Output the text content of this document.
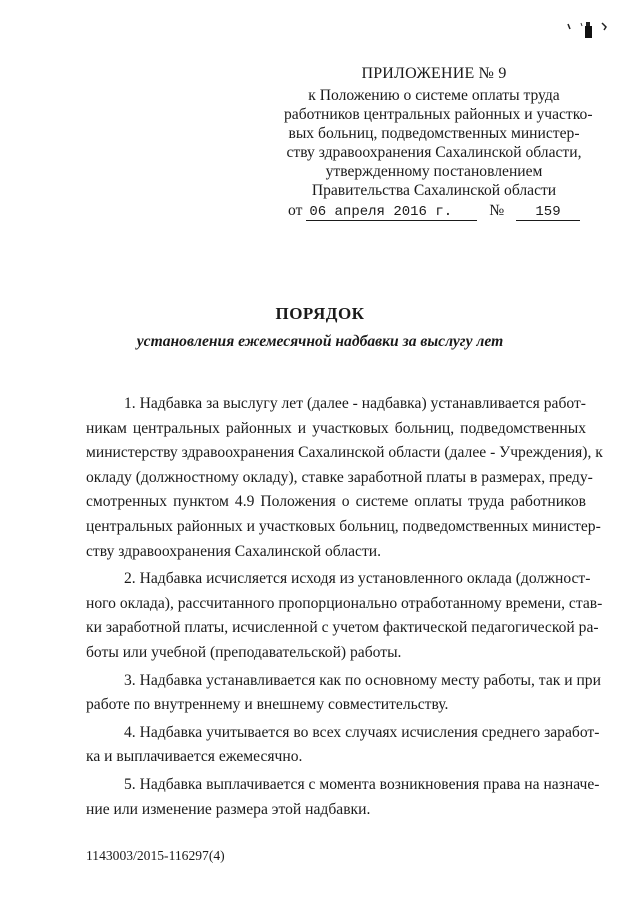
ПРИЛОЖЕНИЕ № 9
к Положению о системе оплаты труда
работников центральных районных и участко-
вых больниц, подведомственных министер-
ству здравоохранения Сахалинской области,
утвержденному постановлением
Правительства Сахалинской области
от 06 апреля 2016 г. № 159
ПОРЯДОК
установления ежемесячной надбавки за выслугу лет
1. Надбавка за выслугу лет (далее - надбавка) устанавливается работ-
никам центральных районных и участковых больниц, подведомственных
министерству здравоохранения Сахалинской области (далее - Учреждения), к
окладу (должностному окладу), ставке заработной платы в размерах, преду-
смотренных пунктом 4.9 Положения о системе оплаты труда работников
центральных районных и участковых больниц, подведомственных министер-
ству здравоохранения Сахалинской области.
2. Надбавка исчисляется исходя из установленного оклада (должност-
ного оклада), рассчитанного пропорционально отработанному времени, став-
ки заработной платы, исчисленной с учетом фактической педагогической ра-
боты или учебной (преподавательской) работы.
3. Надбавка устанавливается как по основному месту работы, так и при
работе по внутреннему и внешнему совместительству.
4. Надбавка учитывается во всех случаях исчисления среднего заработ-
ка и выплачивается ежемесячно.
5. Надбавка выплачивается с момента возникновения права на назначе-
ние или изменение размера этой надбавки.
1143003/2015-116297(4)
